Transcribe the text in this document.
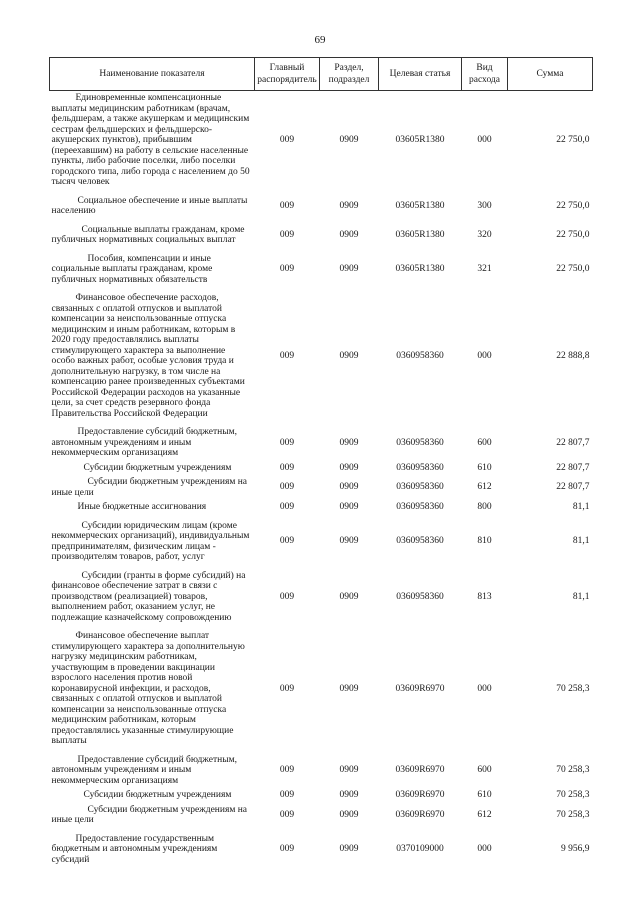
69
Наименование показателя	Главный распорядитель	Раздел, подраздел	Целевая статья	Вид расхода	Сумма
Единовременные компенсационные выплаты медицинским работникам (врачам, фельдшерам, а также акушеркам и медицинским сестрам фельдшерских и фельдшерско-акушерских пунктов), прибывшим (переехавшим) на работу в сельские населенные пункты, либо рабочие поселки, либо поселки городского типа, либо города с населением до 50 тысяч человек	009	0909	03605R1380	000	22 750,0
Социальное обеспечение и иные выплаты населению	009	0909	03605R1380	300	22 750,0
Социальные выплаты гражданам, кроме публичных нормативных социальных выплат	009	0909	03605R1380	320	22 750,0
Пособия, компенсации и иные социальные выплаты гражданам, кроме публичных нормативных обязательств	009	0909	03605R1380	321	22 750,0
Финансовое обеспечение расходов, связанных с оплатой отпусков и выплатой компенсации за неиспользованные отпуска медицинским и иным работникам, которым в 2020 году предоставлялись выплаты стимулирующего характера за выполнение особо важных работ, особые условия труда и дополнительную нагрузку, в том числе на компенсацию ранее произведенных субъектами Российской Федерации расходов на указанные цели, за счет средств резервного фонда Правительства Российской Федерации	009	0909	0360958360	000	22 888,8
Предоставление субсидий бюджетным, автономным учреждениям и иным некоммерческим организациям	009	0909	0360958360	600	22 807,7
Субсидии бюджетным учреждениям	009	0909	0360958360	610	22 807,7
Субсидии бюджетным учреждениям на иные цели	009	0909	0360958360	612	22 807,7
Иные бюджетные ассигнования	009	0909	0360958360	800	81,1
Субсидии юридическим лицам (кроме некоммерческих организаций), индивидуальным предпринимателям, физическим лицам - производителям товаров, работ, услуг	009	0909	0360958360	810	81,1
Субсидии (гранты в форме субсидий) на финансовое обеспечение затрат в связи с производством (реализацией) товаров, выполнением работ, оказанием услуг, не подлежащие казначейскому сопровождению	009	0909	0360958360	813	81,1
Финансовое обеспечение выплат стимулирующего характера за дополнительную нагрузку медицинским работникам, участвующим в проведении вакцинации взрослого населения против новой коронавирусной инфекции, и расходов, связанных с оплатой отпусков и выплатой компенсации за неиспользованные отпуска медицинским работникам, которым предоставлялись указанные стимулирующие выплаты	009	0909	03609R6970	000	70 258,3
Предоставление субсидий бюджетным, автономным учреждениям и иным некоммерческим организациям	009	0909	03609R6970	600	70 258,3
Субсидии бюджетным учреждениям	009	0909	03609R6970	610	70 258,3
Субсидии бюджетным учреждениям на иные цели	009	0909	03609R6970	612	70 258,3
Предоставление государственным бюджетным и автономным учреждениям субсидий	009	0909	0370109000	000	9 956,9
